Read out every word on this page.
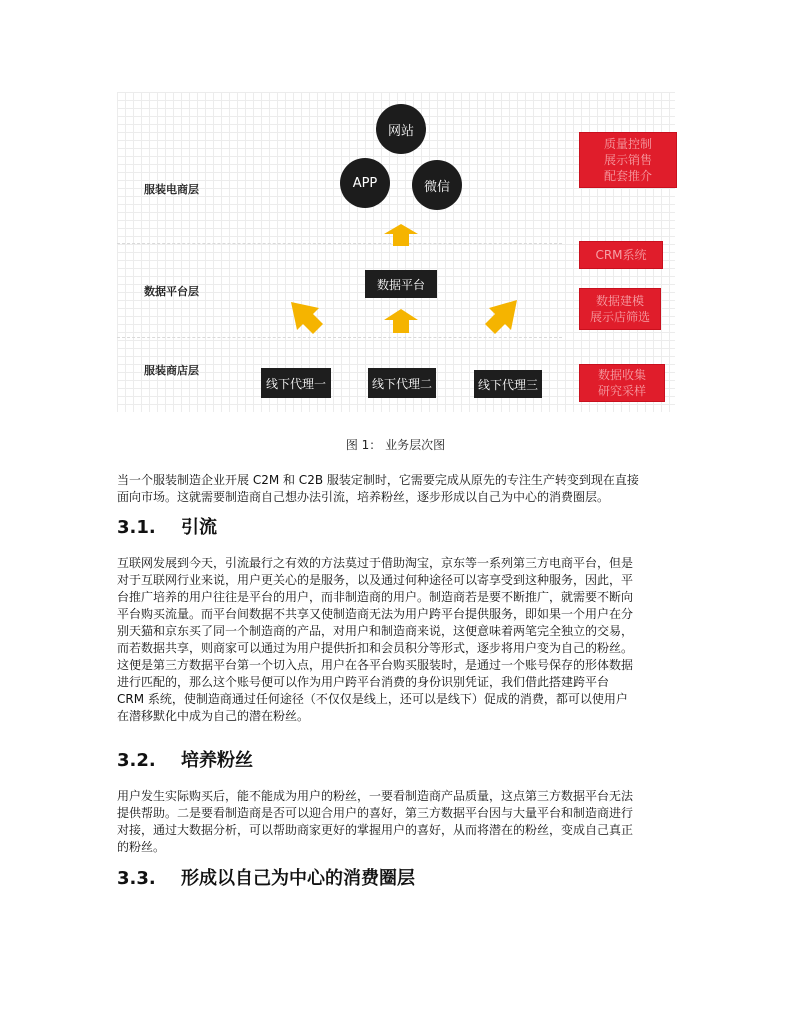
服装电商层
数据平台层
服装商店层
网站
APP	微信
数据平台
线下代理一	线下代理二	线下代理三
质量控制
展示销售
配套推介
CRM系统
数据建模
展示店筛选
数据收集
研究采样
图 1： 业务层次图
当一个服装制造企业开展 C2M 和 C2B 服装定制时，它需要完成从原先的专注生产转变到现在直接
面向市场。这就需要制造商自己想办法引流，培养粉丝，逐步形成以自己为中心的消费圈层。
3.1. 引流
互联网发展到今天，引流最行之有效的方法莫过于借助淘宝，京东等一系列第三方电商平台，但是
对于互联网行业来说，用户更关心的是服务，以及通过何种途径可以寄享受到这种服务，因此，平
台推广培养的用户往往是平台的用户，而非制造商的用户。制造商若是要不断推广，就需要不断向
平台购买流量。而平台间数据不共享又使制造商无法为用户跨平台提供服务，即如果一个用户在分
别天猫和京东买了同一个制造商的产品，对用户和制造商来说，这便意味着两笔完全独立的交易，
而若数据共享，则商家可以通过为用户提供折扣和会员积分等形式，逐步将用户变为自己的粉丝。
这便是第三方数据平台第一个切入点，用户在各平台购买服装时，是通过一个账号保存的形体数据
进行匹配的，那么这个账号便可以作为用户跨平台消费的身份识别凭证，我们借此搭建跨平台
CRM 系统，使制造商通过任何途径（不仅仅是线上，还可以是线下）促成的消费，都可以使用户
在潜移默化中成为自己的潜在粉丝。
3.2. 培养粉丝
用户发生实际购买后，能不能成为用户的粉丝，一要看制造商产品质量，这点第三方数据平台无法
提供帮助。二是要看制造商是否可以迎合用户的喜好，第三方数据平台因与大量平台和制造商进行
对接，通过大数据分析，可以帮助商家更好的掌握用户的喜好，从而将潜在的粉丝，变成自己真正
的粉丝。
3.3. 形成以自己为中心的消费圈层
